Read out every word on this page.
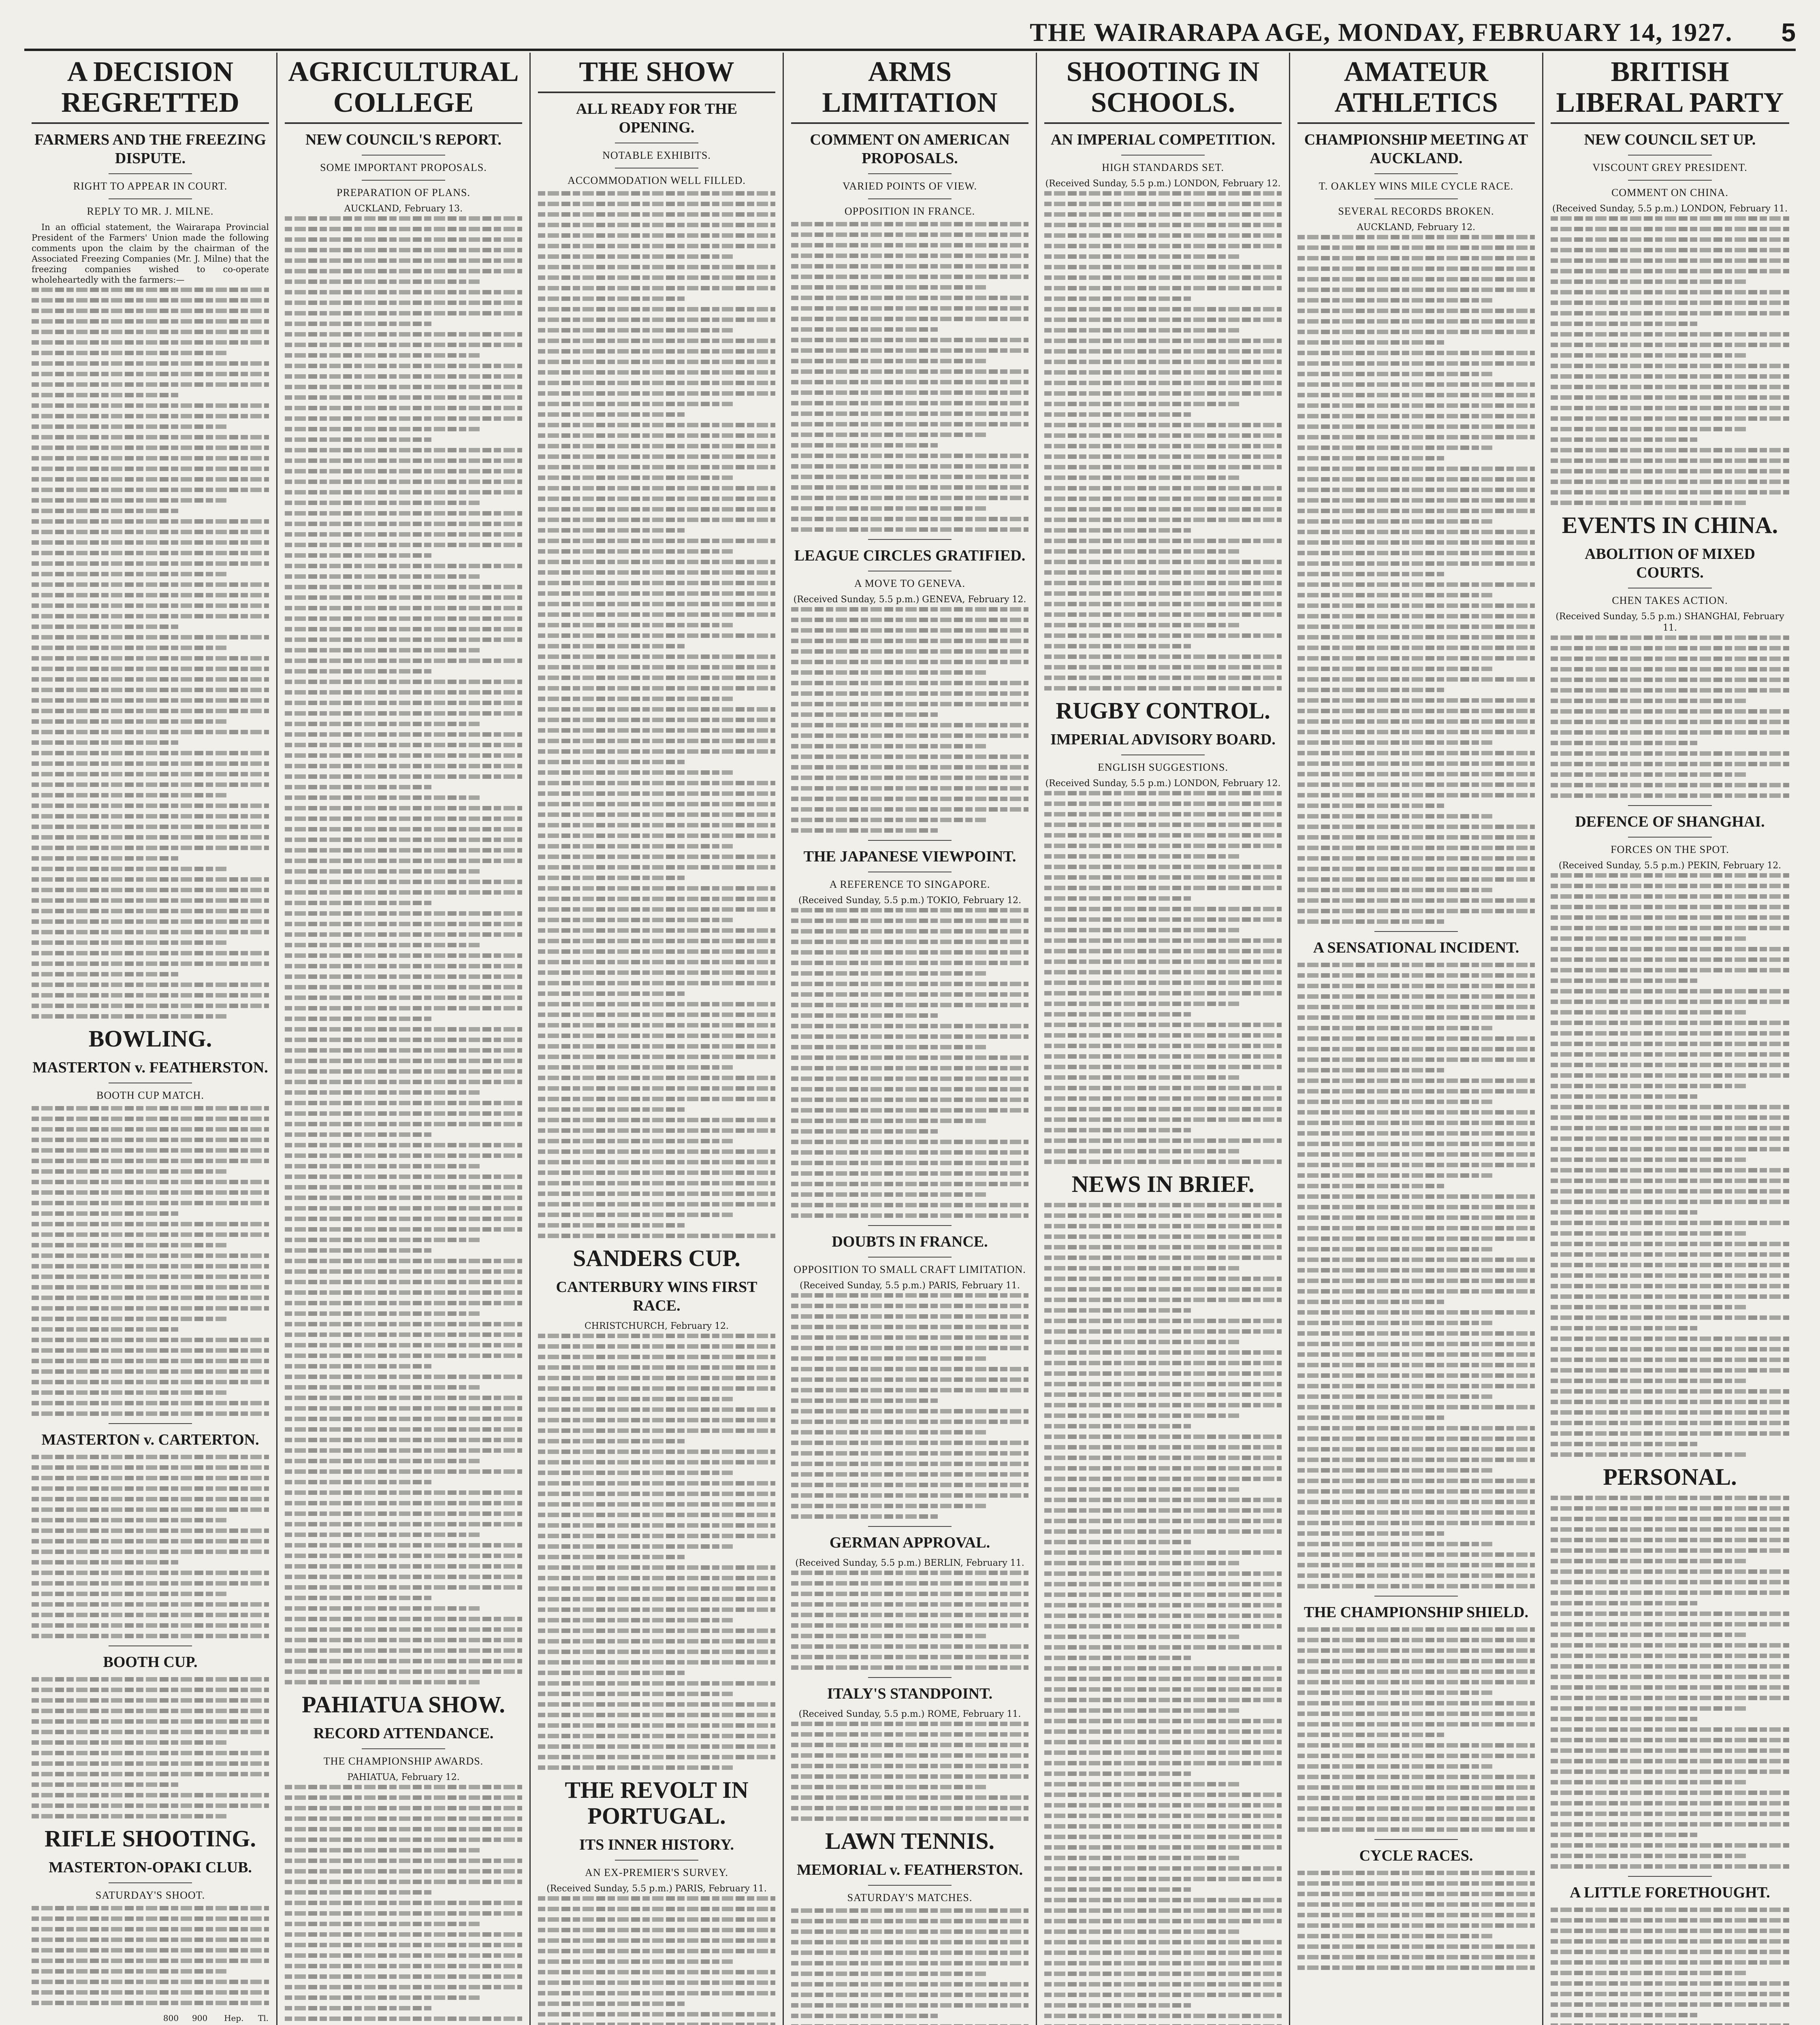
THE WAIRARAPA AGE, MONDAY, FEBRUARY 14, 1927. 5
A DECISION REGRETTED
FARMERS AND THE FREEZING DISPUTE.
RIGHT TO APPEAR IN COURT.
REPLY TO MR. J. MILNE.

In an official statement, the Wairarapa Provincial President of the Farmers' Union made the following comments upon the claim by the chairman of the Associated Freezing Companies (Mr. J. Milne) that the freezing companies wished to co-operate wholeheartedly with the farmers:—

BOWLING.
MASTERTON v. FEATHERSTON.
BOOTH CUP MATCH.
MASTERTON v. CARTERTON.
BOOTH CUP.
RIFLE SHOOTING.
MASTERTON-OPAKI CLUB.
SATURDAY'S SHOOT.
	800	900	Hep.	Tl.

AGRICULTURAL COLLEGE
NEW COUNCIL'S REPORT.
SOME IMPORTANT PROPOSALS.
PREPARATION OF PLANS.
AUCKLAND, February 13.
PAHIATUA SHOW.
RECORD ATTENDANCE.
THE CHAMPIONSHIP AWARDS.
PAHIATUA, February 12.
THE SHOW
ALL READY FOR THE OPENING.
NOTABLE EXHIBITS.
ACCOMMODATION WELL FILLED.
SANDERS CUP.
CANTERBURY WINS FIRST RACE.
CHRISTCHURCH, February 12.
THE REVOLT IN PORTUGAL.
ITS INNER HISTORY.
AN EX-PREMIER'S SURVEY.
(Received Sunday, 5.5 p.m.) PARIS, February 11.
ARMS LIMITATION
COMMENT ON AMERICAN PROPOSALS.
VARIED POINTS OF VIEW.
OPPOSITION IN FRANCE.
LEAGUE CIRCLES GRATIFIED.
A MOVE TO GENEVA.
(Received Sunday, 5.5 p.m.) GENEVA, February 12.
THE JAPANESE VIEWPOINT.
A REFERENCE TO SINGAPORE.
(Received Sunday, 5.5 p.m.) TOKIO, February 12.
DOUBTS IN FRANCE.
OPPOSITION TO SMALL CRAFT LIMITATION.
(Received Sunday, 5.5 p.m.) PARIS, February 11.
GERMAN APPROVAL.
(Received Sunday, 5.5 p.m.) BERLIN, February 11.
ITALY'S STANDPOINT.
(Received Sunday, 5.5 p.m.) ROME, February 11.
LAWN TENNIS.
MEMORIAL v. FEATHERSTON.
SATURDAY'S MATCHES.
SHOOTING IN SCHOOLS.
AN IMPERIAL COMPETITION.
HIGH STANDARDS SET.
(Received Sunday, 5.5 p.m.) LONDON, February 12.
RUGBY CONTROL.
IMPERIAL ADVISORY BOARD.
ENGLISH SUGGESTIONS.
(Received Sunday, 5.5 p.m.) LONDON, February 12.
NEWS IN BRIEF.
AMATEUR ATHLETICS
CHAMPIONSHIP MEETING AT AUCKLAND.
T. OAKLEY WINS MILE CYCLE RACE.
SEVERAL RECORDS BROKEN.
AUCKLAND, February 12.
A SENSATIONAL INCIDENT.
THE CHAMPIONSHIP SHIELD.
CYCLE RACES.
BRITISH LIBERAL PARTY
NEW COUNCIL SET UP.
VISCOUNT GREY PRESIDENT.
COMMENT ON CHINA.
(Received Sunday, 5.5 p.m.) LONDON, February 11.
EVENTS IN CHINA.
ABOLITION OF MIXED COURTS.
CHEN TAKES ACTION.
(Received Sunday, 5.5 p.m.) SHANGHAI, February 11.
DEFENCE OF SHANGHAI.
FORCES ON THE SPOT.
(Received Sunday, 5.5 p.m.) PEKIN, February 12.
PERSONAL.
A LITTLE FORETHOUGHT.
